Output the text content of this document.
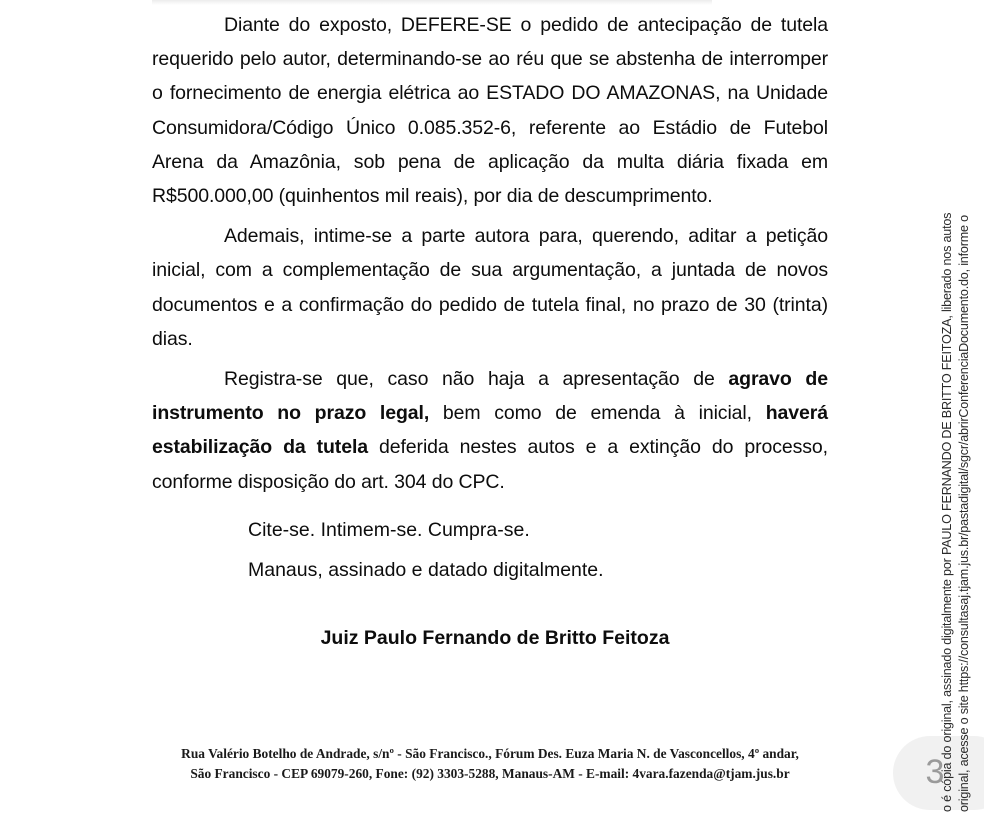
Diante do exposto, DEFERE-SE o pedido de antecipação de tutela requerido pelo autor, determinando-se ao réu que se abstenha de interromper o fornecimento de energia elétrica ao ESTADO DO AMAZONAS, na Unidade Consumidora/Código Único 0.085.352-6, referente ao Estádio de Futebol Arena da Amazônia, sob pena de aplicação da multa diária fixada em R$500.000,00 (quinhentos mil reais), por dia de descumprimento.

Ademais, intime-se a parte autora para, querendo, aditar a petição inicial, com a complementação de sua argumentação, a juntada de novos documentos e a confirmação do pedido de tutela final, no prazo de 30 (trinta) dias.

Registra-se que, caso não haja a apresentação de agravo de instrumento no prazo legal, bem como de emenda à inicial, haverá estabilização da tutela deferida nestes autos e a extinção do processo, conforme disposição do art. 304 do CPC.

Cite-se. Intimem-se. Cumpra-se.

Manaus, assinado e datado digitalmente.

Juiz Paulo Fernando de Britto Feitoza
Rua Valério Botelho de Andrade, s/nº - São Francisco., Fórum Des. Euza Maria N. de Vasconcellos, 4º andar,
São Francisco - CEP 69079-260, Fone: (92) 3303-5288, Manaus-AM - E-mail: 4vara.fazenda@tjam.jus.br	3
o é cópia do original, assinado digitalmente por PAULO FERNANDO DE BRITTO FEITOZA, liberado nos autos original, acesse o site https://consultasaj.tjam.jus.br/pastadigital/sgcr/abrirConferenciaDocumento.do, informe o
